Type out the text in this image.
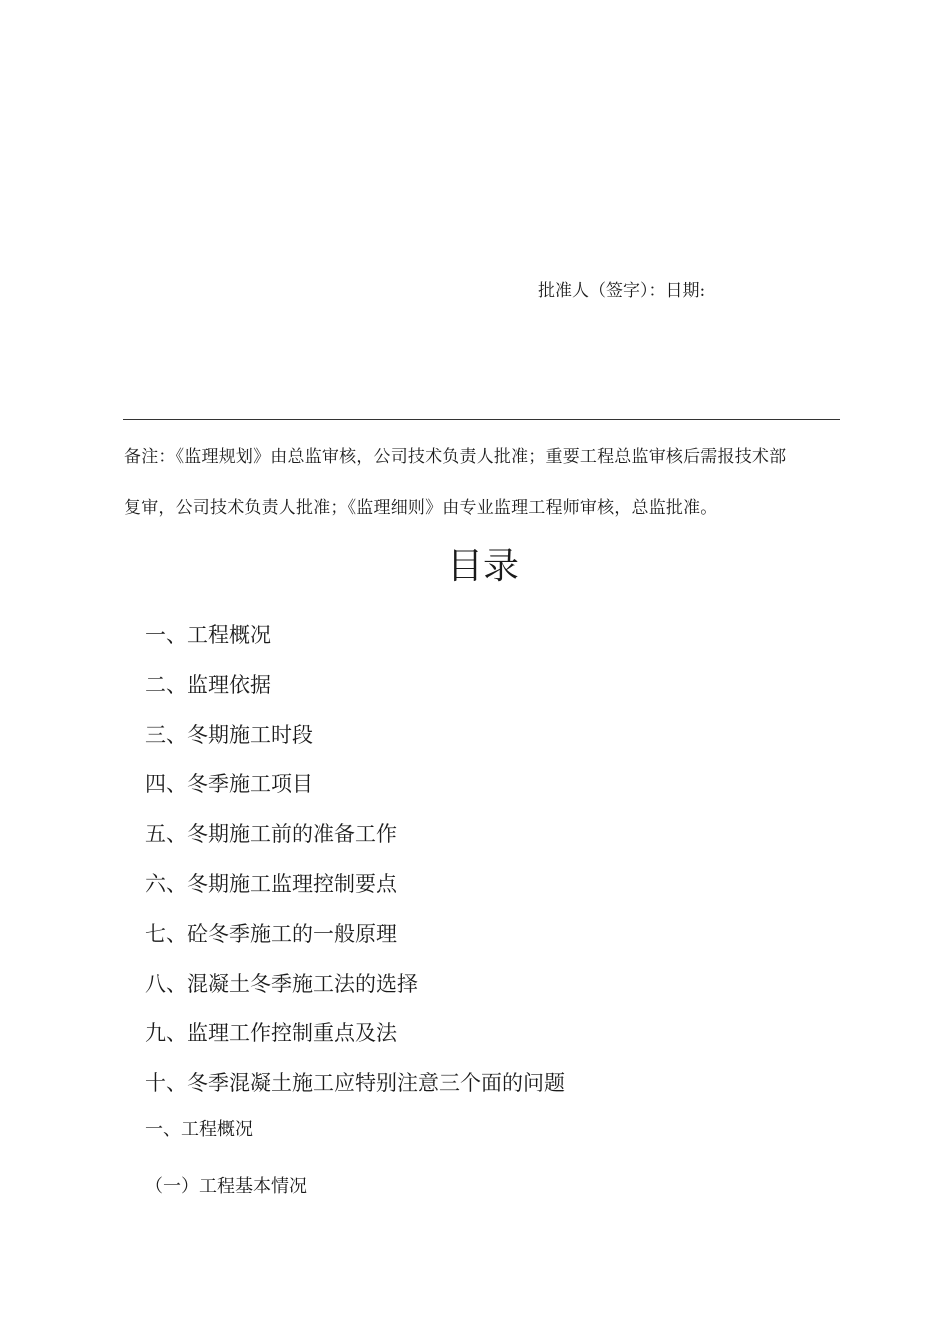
批准人（签字）：日期:
备注：《监理规划》由总监审核，公司技术负责人批准；重要工程总监审核后需报技术部
复审，公司技术负责人批准；《监理细则》由专业监理工程师审核，总监批准。
目录
一、工程概况
二、监理依据
三、冬期施工时段
四、冬季施工项目
五、冬期施工前的准备工作
六、冬期施工监理控制要点
七、砼冬季施工的一般原理
八、混凝土冬季施工法的选择
九、监理工作控制重点及法
十、冬季混凝土施工应特别注意三个面的问题
一、工程概况
（一）工程基本情况
